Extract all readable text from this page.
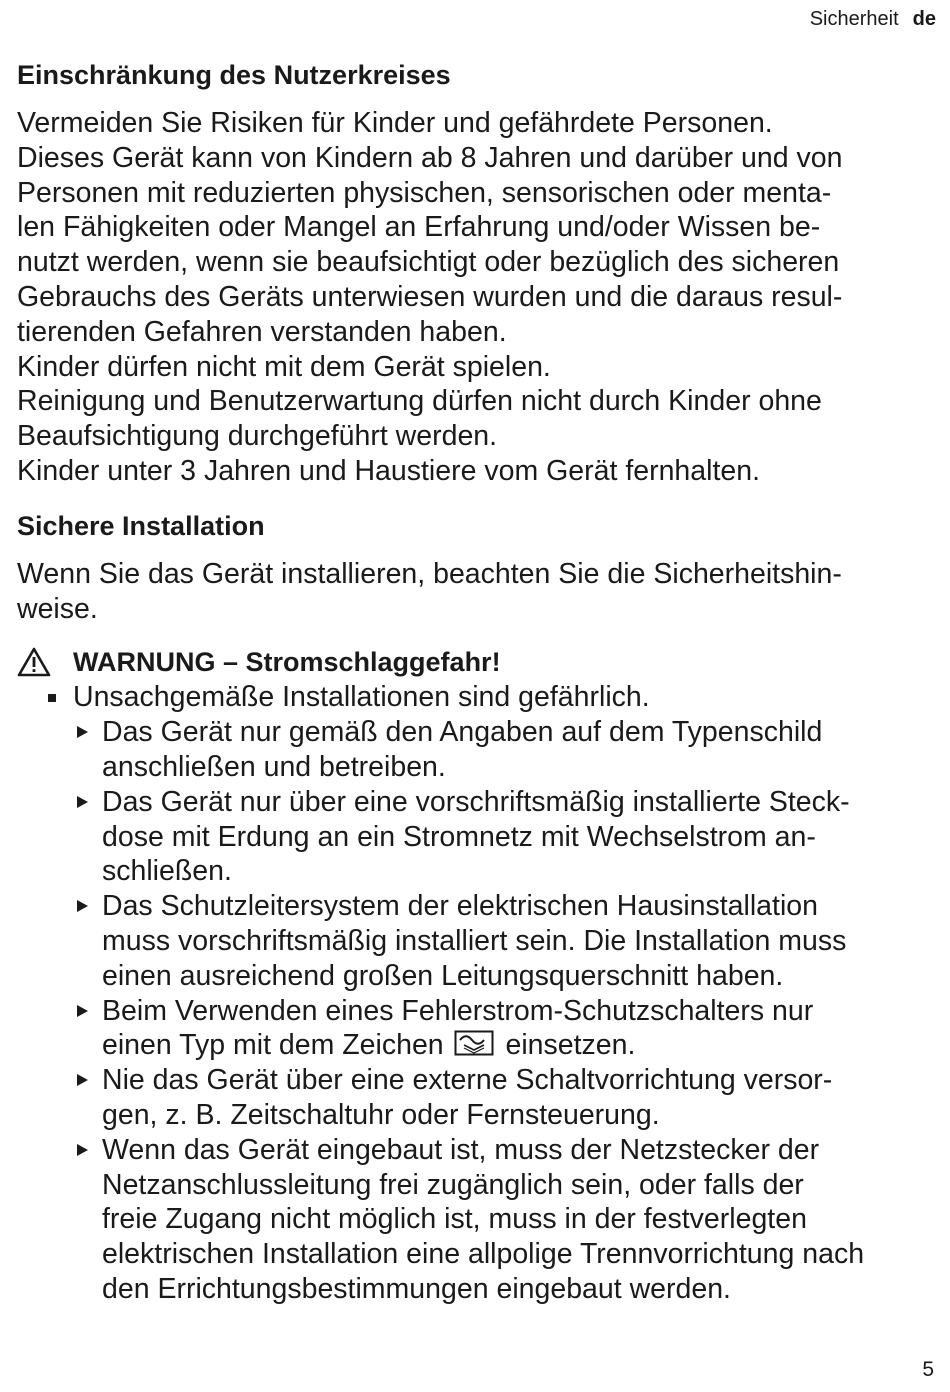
Sicherheit de
Einschränkung des Nutzerkreises

Vermeiden Sie Risiken für Kinder und gefährdete Personen.

Dieses Gerät kann von Kindern ab 8 Jahren und darüber und von

Personen mit reduzierten physischen, sensorischen oder menta-

len Fähigkeiten oder Mangel an Erfahrung und/oder Wissen be-

nutzt werden, wenn sie beaufsichtigt oder bezüglich des sicheren

Gebrauchs des Geräts unterwiesen wurden und die daraus resul-

tierenden Gefahren verstanden haben.

Kinder dürfen nicht mit dem Gerät spielen.

Reinigung und Benutzerwartung dürfen nicht durch Kinder ohne

Beaufsichtigung durchgeführt werden.

Kinder unter 3 Jahren und Haustiere vom Gerät fernhalten.

Sichere Installation

Wenn Sie das Gerät installieren, beachten Sie die Sicherheitshin-

weise.

WARNUNG – Stromschlaggefahr!
Unsachgemäße Installationen sind gefährlich.
Das Gerät nur gemäß den Angaben auf dem Typenschild
anschließen und betreiben.
Das Gerät nur über eine vorschriftsmäßig installierte Steck-
dose mit Erdung an ein Stromnetz mit Wechselstrom an-
schließen.
Das Schutzleitersystem der elektrischen Hausinstallation
muss vorschriftsmäßig installiert sein. Die Installation muss
einen ausreichend großen Leitungsquerschnitt haben.
Beim Verwenden eines Fehlerstrom-Schutzschalters nur
einen Typ mit dem Zeichen einsetzen.
Nie das Gerät über eine externe Schaltvorrichtung versor-
gen, z. B. Zeitschaltuhr oder Fernsteuerung.
Wenn das Gerät eingebaut ist, muss der Netzstecker der
Netzanschlussleitung frei zugänglich sein, oder falls der
freie Zugang nicht möglich ist, muss in der festverlegten
elektrischen Installation eine allpolige Trennvorrichtung nach
den Errichtungsbestimmungen eingebaut werden.
5
